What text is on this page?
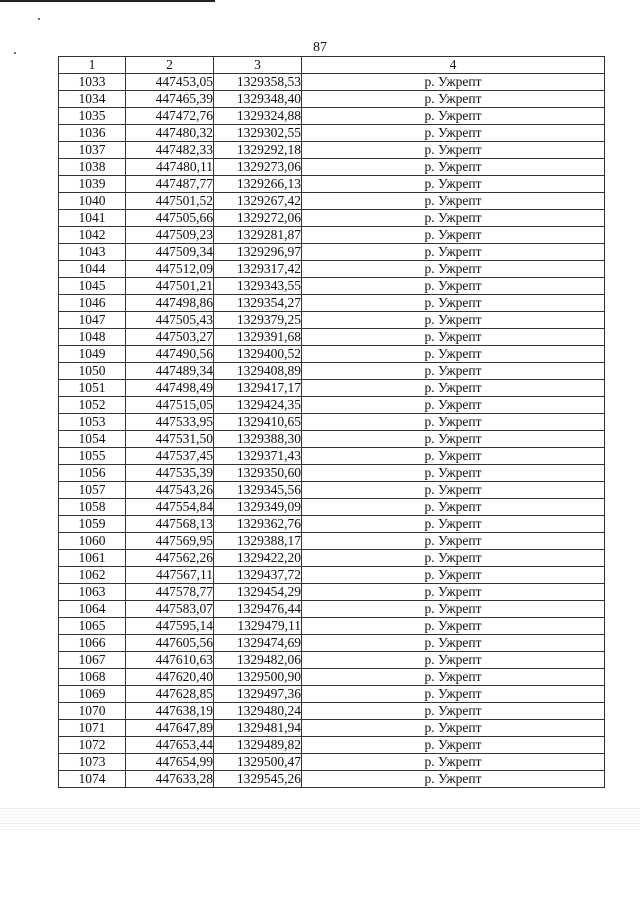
87
1	2	3	4
1033	447453,05	1329358,53	р. Ужрепт
1034	447465,39	1329348,40	р. Ужрепт
1035	447472,76	1329324,88	р. Ужрепт
1036	447480,32	1329302,55	р. Ужрепт
1037	447482,33	1329292,18	р. Ужрепт
1038	447480,11	1329273,06	р. Ужрепт
1039	447487,77	1329266,13	р. Ужрепт
1040	447501,52	1329267,42	р. Ужрепт
1041	447505,66	1329272,06	р. Ужрепт
1042	447509,23	1329281,87	р. Ужрепт
1043	447509,34	1329296,97	р. Ужрепт
1044	447512,09	1329317,42	р. Ужрепт
1045	447501,21	1329343,55	р. Ужрепт
1046	447498,86	1329354,27	р. Ужрепт
1047	447505,43	1329379,25	р. Ужрепт
1048	447503,27	1329391,68	р. Ужрепт
1049	447490,56	1329400,52	р. Ужрепт
1050	447489,34	1329408,89	р. Ужрепт
1051	447498,49	1329417,17	р. Ужрепт
1052	447515,05	1329424,35	р. Ужрепт
1053	447533,95	1329410,65	р. Ужрепт
1054	447531,50	1329388,30	р. Ужрепт
1055	447537,45	1329371,43	р. Ужрепт
1056	447535,39	1329350,60	р. Ужрепт
1057	447543,26	1329345,56	р. Ужрепт
1058	447554,84	1329349,09	р. Ужрепт
1059	447568,13	1329362,76	р. Ужрепт
1060	447569,95	1329388,17	р. Ужрепт
1061	447562,26	1329422,20	р. Ужрепт
1062	447567,11	1329437,72	р. Ужрепт
1063	447578,77	1329454,29	р. Ужрепт
1064	447583,07	1329476,44	р. Ужрепт
1065	447595,14	1329479,11	р. Ужрепт
1066	447605,56	1329474,69	р. Ужрепт
1067	447610,63	1329482,06	р. Ужрепт
1068	447620,40	1329500,90	р. Ужрепт
1069	447628,85	1329497,36	р. Ужрепт
1070	447638,19	1329480,24	р. Ужрепт
1071	447647,89	1329481,94	р. Ужрепт
1072	447653,44	1329489,82	р. Ужрепт
1073	447654,99	1329500,47	р. Ужрепт
1074	447633,28	1329545,26	р. Ужрепт
